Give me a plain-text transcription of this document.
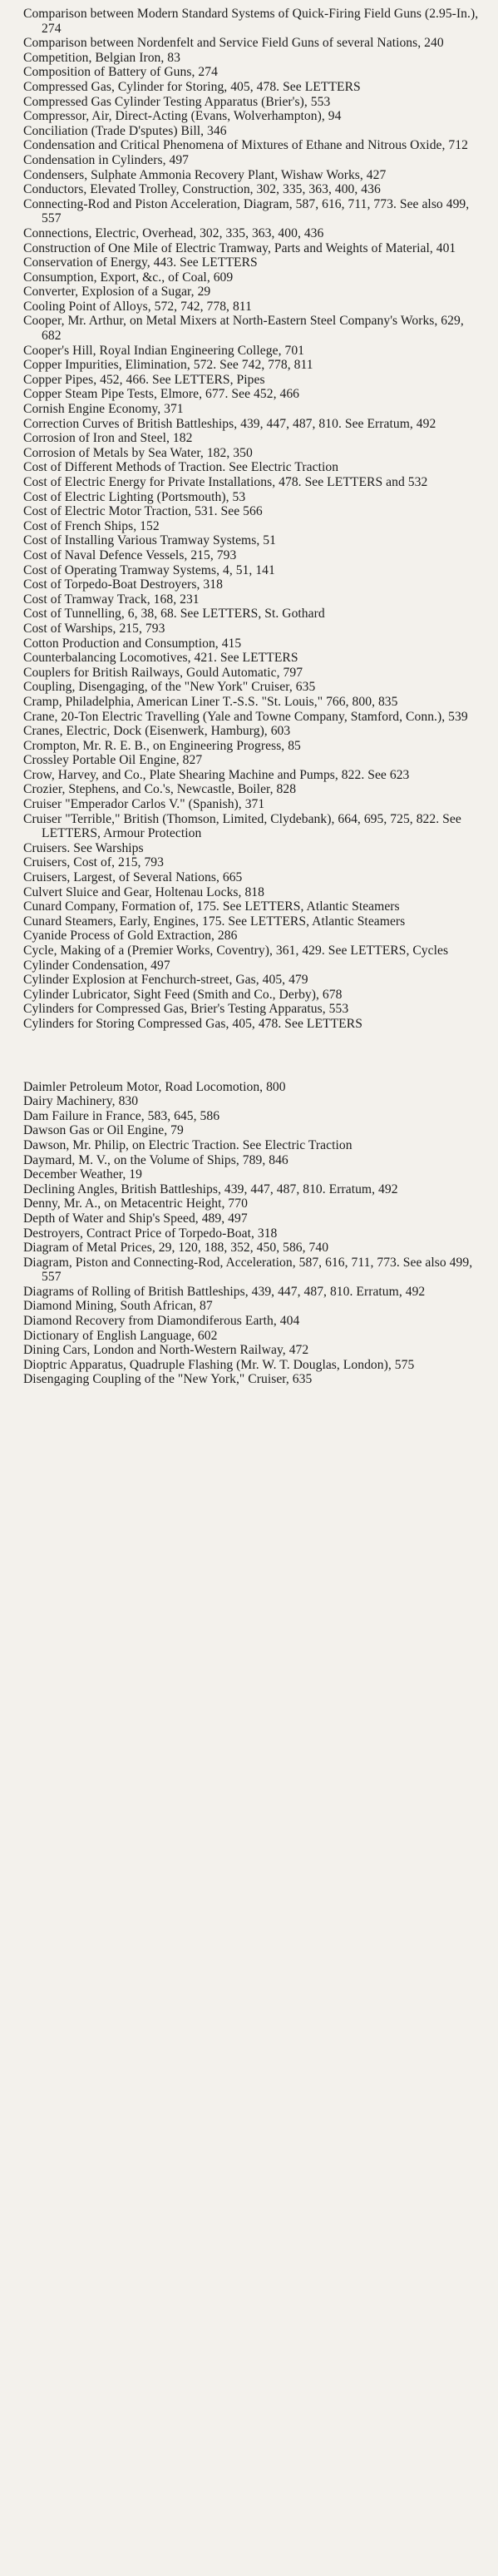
Comparison between Modern Standard Systems of Quick-Firing Field Guns (2.95-In.), 274

Comparison between Nordenfelt and Service Field Guns of several Nations, 240

Competition, Belgian Iron, 83

Composition of Battery of Guns, 274

Compressed Gas, Cylinder for Storing, 405, 478. See LETTERS

Compressed Gas Cylinder Testing Apparatus (Brier's), 553

Compressor, Air, Direct-Acting (Evans, Wolverhampton), 94

Conciliation (Trade D'sputes) Bill, 346

Condensation and Critical Phenomena of Mixtures of Ethane and Nitrous Oxide, 712

Condensation in Cylinders, 497

Condensers, Sulphate Ammonia Recovery Plant, Wishaw Works, 427

Conductors, Elevated Trolley, Construction, 302, 335, 363, 400, 436

Connecting-Rod and Piston Acceleration, Diagram, 587, 616, 711, 773. See also 499, 557

Connections, Electric, Overhead, 302, 335, 363, 400, 436

Construction of One Mile of Electric Tramway, Parts and Weights of Material, 401

Conservation of Energy, 443. See LETTERS

Consumption, Export, &c., of Coal, 609

Converter, Explosion of a Sugar, 29

Cooling Point of Alloys, 572, 742, 778, 811

Cooper, Mr. Arthur, on Metal Mixers at North-Eastern Steel Company's Works, 629, 682

Cooper's Hill, Royal Indian Engineering College, 701

Copper Impurities, Elimination, 572. See 742, 778, 811

Copper Pipes, 452, 466. See LETTERS, Pipes

Copper Steam Pipe Tests, Elmore, 677. See 452, 466

Cornish Engine Economy, 371

Correction Curves of British Battleships, 439, 447, 487, 810. See Erratum, 492

Corrosion of Iron and Steel, 182

Corrosion of Metals by Sea Water, 182, 350

Cost of Different Methods of Traction. See Electric Traction

Cost of Electric Energy for Private Installations, 478. See LETTERS and 532

Cost of Electric Lighting (Portsmouth), 53

Cost of Electric Motor Traction, 531. See 566

Cost of French Ships, 152

Cost of Installing Various Tramway Systems, 51

Cost of Naval Defence Vessels, 215, 793

Cost of Operating Tramway Systems, 4, 51, 141

Cost of Torpedo-Boat Destroyers, 318

Cost of Tramway Track, 168, 231

Cost of Tunnelling, 6, 38, 68. See LETTERS, St. Gothard

Cost of Warships, 215, 793

Cotton Production and Consumption, 415

Counterbalancing Locomotives, 421. See LETTERS

Couplers for British Railways, Gould Automatic, 797

Coupling, Disengaging, of the "New York" Cruiser, 635

Cramp, Philadelphia, American Liner T.-S.S. "St. Louis," 766, 800, 835

Crane, 20-Ton Electric Travelling (Yale and Towne Company, Stamford, Conn.), 539

Cranes, Electric, Dock (Eisenwerk, Hamburg), 603

Crompton, Mr. R. E. B., on Engineering Progress, 85

Crossley Portable Oil Engine, 827

Crow, Harvey, and Co., Plate Shearing Machine and Pumps, 822. See 623

Crozier, Stephens, and Co.'s, Newcastle, Boiler, 828

Cruiser "Emperador Carlos V." (Spanish), 371

Cruiser "Terrible," British (Thomson, Limited, Clydebank), 664, 695, 725, 822. See LETTERS, Armour Protection

Cruisers. See Warships

Cruisers, Cost of, 215, 793

Cruisers, Largest, of Several Nations, 665

Culvert Sluice and Gear, Holtenau Locks, 818

Cunard Company, Formation of, 175. See LETTERS, Atlantic Steamers

Cunard Steamers, Early, Engines, 175. See LETTERS, Atlantic Steamers

Cyanide Process of Gold Extraction, 286

Cycle, Making of a (Premier Works, Coventry), 361, 429. See LETTERS, Cycles

Cylinder Condensation, 497

Cylinder Explosion at Fenchurch-street, Gas, 405, 479

Cylinder Lubricator, Sight Feed (Smith and Co., Derby), 678

Cylinders for Compressed Gas, Brier's Testing Apparatus, 553

Cylinders for Storing Compressed Gas, 405, 478. See LETTERS

Daimler Petroleum Motor, Road Locomotion, 800

Dairy Machinery, 830

Dam Failure in France, 583, 645, 586

Dawson Gas or Oil Engine, 79

Dawson, Mr. Philip, on Electric Traction. See Electric Traction

Daymard, M. V., on the Volume of Ships, 789, 846

December Weather, 19

Declining Angles, British Battleships, 439, 447, 487, 810. Erratum, 492

Denny, Mr. A., on Metacentric Height, 770

Depth of Water and Ship's Speed, 489, 497

Destroyers, Contract Price of Torpedo-Boat, 318

Diagram of Metal Prices, 29, 120, 188, 352, 450, 586, 740

Diagram, Piston and Connecting-Rod, Acceleration, 587, 616, 711, 773. See also 499, 557

Diagrams of Rolling of British Battleships, 439, 447, 487, 810. Erratum, 492

Diamond Mining, South African, 87

Diamond Recovery from Diamondiferous Earth, 404

Dictionary of English Language, 602

Dining Cars, London and North-Western Railway, 472

Dioptric Apparatus, Quadruple Flashing (Mr. W. T. Douglas, London), 575

Disengaging Coupling of the "New York," Cruiser, 635
